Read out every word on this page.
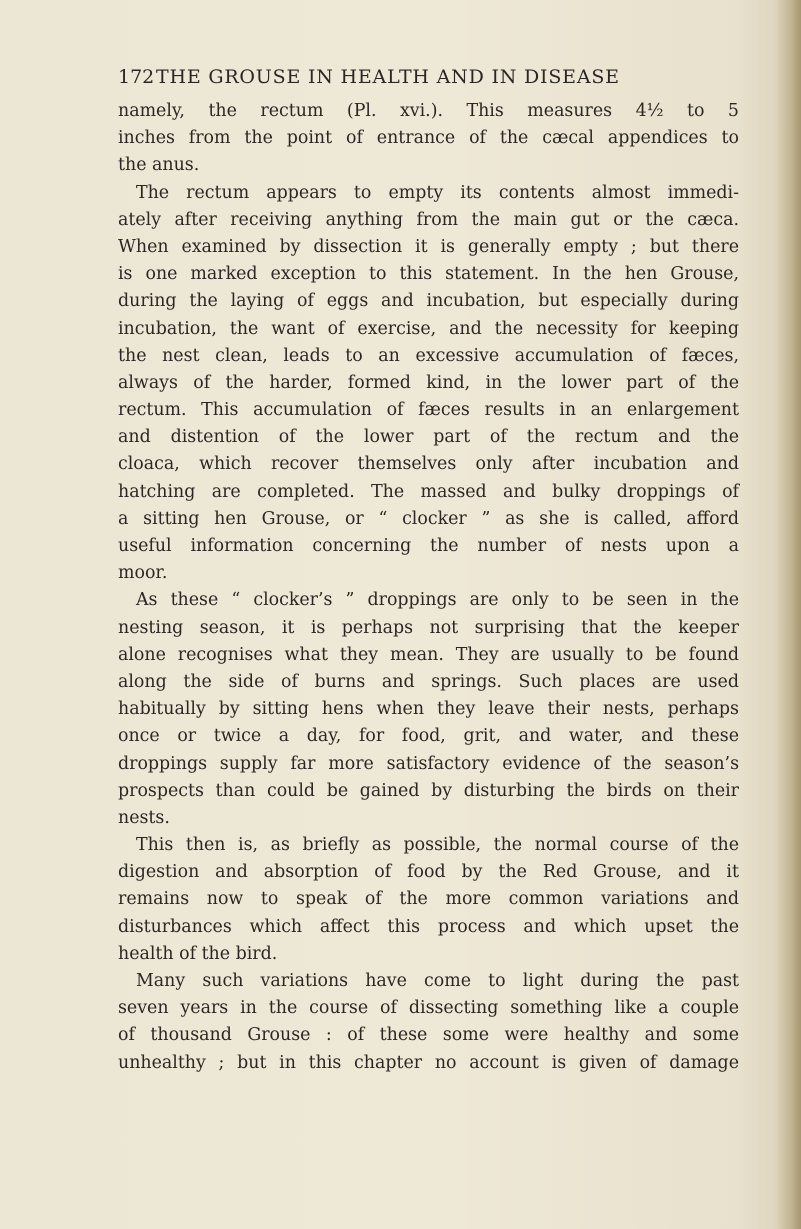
172 THE GROUSE IN HEALTH AND IN DISEASE
namely, the rectum (Pl. xvi.). This measures 4½ to 5
inches from the point of entrance of the cæcal appendices to
the anus.
The rectum appears to empty its contents almost immedi-
ately after receiving anything from the main gut or the cæca.
When examined by dissection it is generally empty ; but there
is one marked exception to this statement. In the hen Grouse,
during the laying of eggs and incubation, but especially during
incubation, the want of exercise, and the necessity for keeping
the nest clean, leads to an excessive accumulation of fæces,
always of the harder, formed kind, in the lower part of the
rectum. This accumulation of fæces results in an enlargement
and distention of the lower part of the rectum and the
cloaca, which recover themselves only after incubation and
hatching are completed. The massed and bulky droppings of
a sitting hen Grouse, or “ clocker ” as she is called, afford
useful information concerning the number of nests upon a
moor.
As these “ clocker’s ” droppings are only to be seen in the
nesting season, it is perhaps not surprising that the keeper
alone recognises what they mean. They are usually to be found
along the side of burns and springs. Such places are used
habitually by sitting hens when they leave their nests, perhaps
once or twice a day, for food, grit, and water, and these
droppings supply far more satisfactory evidence of the season’s
prospects than could be gained by disturbing the birds on their
nests.
This then is, as briefly as possible, the normal course of the
digestion and absorption of food by the Red Grouse, and it
remains now to speak of the more common variations and
disturbances which affect this process and which upset the
health of the bird.
Many such variations have come to light during the past
seven years in the course of dissecting something like a couple
of thousand Grouse : of these some were healthy and some
unhealthy ; but in this chapter no account is given of damage
